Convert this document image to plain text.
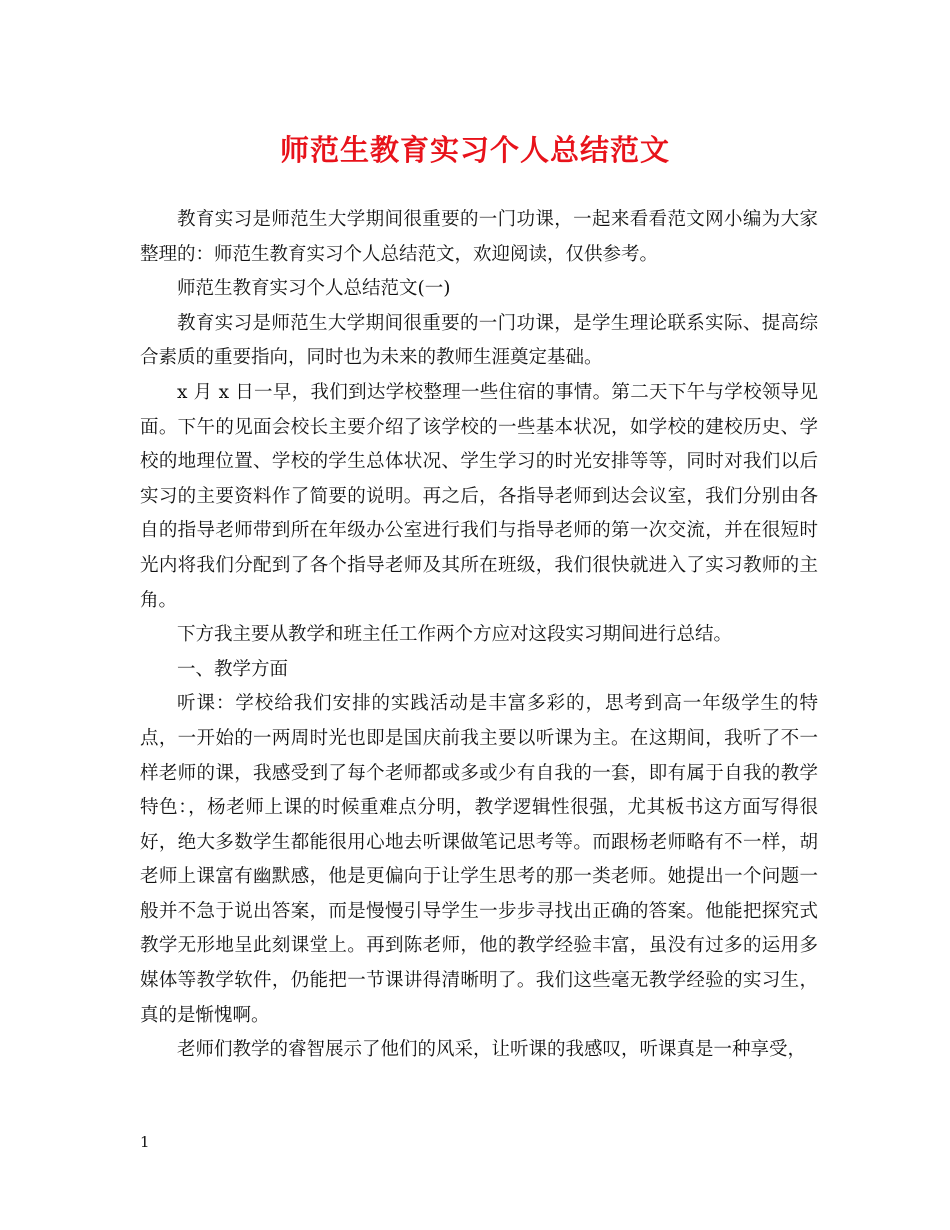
师范生教育实习个人总结范文

教育实习是师范生大学期间很重要的一门功课，一起来看看范文网小编为大家整理的：师范生教育实习个人总结范文，欢迎阅读，仅供参考。

师范生教育实习个人总结范文(一)

教育实习是师范生大学期间很重要的一门功课，是学生理论联系实际、提高综合素质的重要指向，同时也为未来的教师生涯奠定基础。

x 月 x 日一早，我们到达学校整理一些住宿的事情。第二天下午与学校领导见面。下午的见面会校长主要介绍了该学校的一些基本状况，如学校的建校历史、学校的地理位置、学校的学生总体状况、学生学习的时光安排等等，同时对我们以后实习的主要资料作了简要的说明。再之后，各指导老师到达会议室，我们分别由各自的指导老师带到所在年级办公室进行我们与指导老师的第一次交流，并在很短时光内将我们分配到了各个指导老师及其所在班级，我们很快就进入了实习教师的主角。

下方我主要从教学和班主任工作两个方应对这段实习期间进行总结。

一、教学方面

听课：学校给我们安排的实践活动是丰富多彩的，思考到高一年级学生的特点，一开始的一两周时光也即是国庆前我主要以听课为主。在这期间，我听了不一样老师的课，我感受到了每个老师都或多或少有自我的一套，即有属于自我的教学特色：，杨老师上课的时候重难点分明，教学逻辑性很强，尤其板书这方面写得很好，绝大多数学生都能很用心地去听课做笔记思考等。而跟杨老师略有不一样，胡老师上课富有幽默感，他是更偏向于让学生思考的那一类老师。她提出一个问题一般并不急于说出答案，而是慢慢引导学生一步步寻找出正确的答案。他能把探究式教学无形地呈此刻课堂上。再到陈老师，他的教学经验丰富，虽没有过多的运用多媒体等教学软件，仍能把一节课讲得清晰明了。我们这些毫无教学经验的实习生，真的是惭愧啊。

老师们教学的睿智展示了他们的风采，让听课的我感叹，听课真是一种享受，

1
